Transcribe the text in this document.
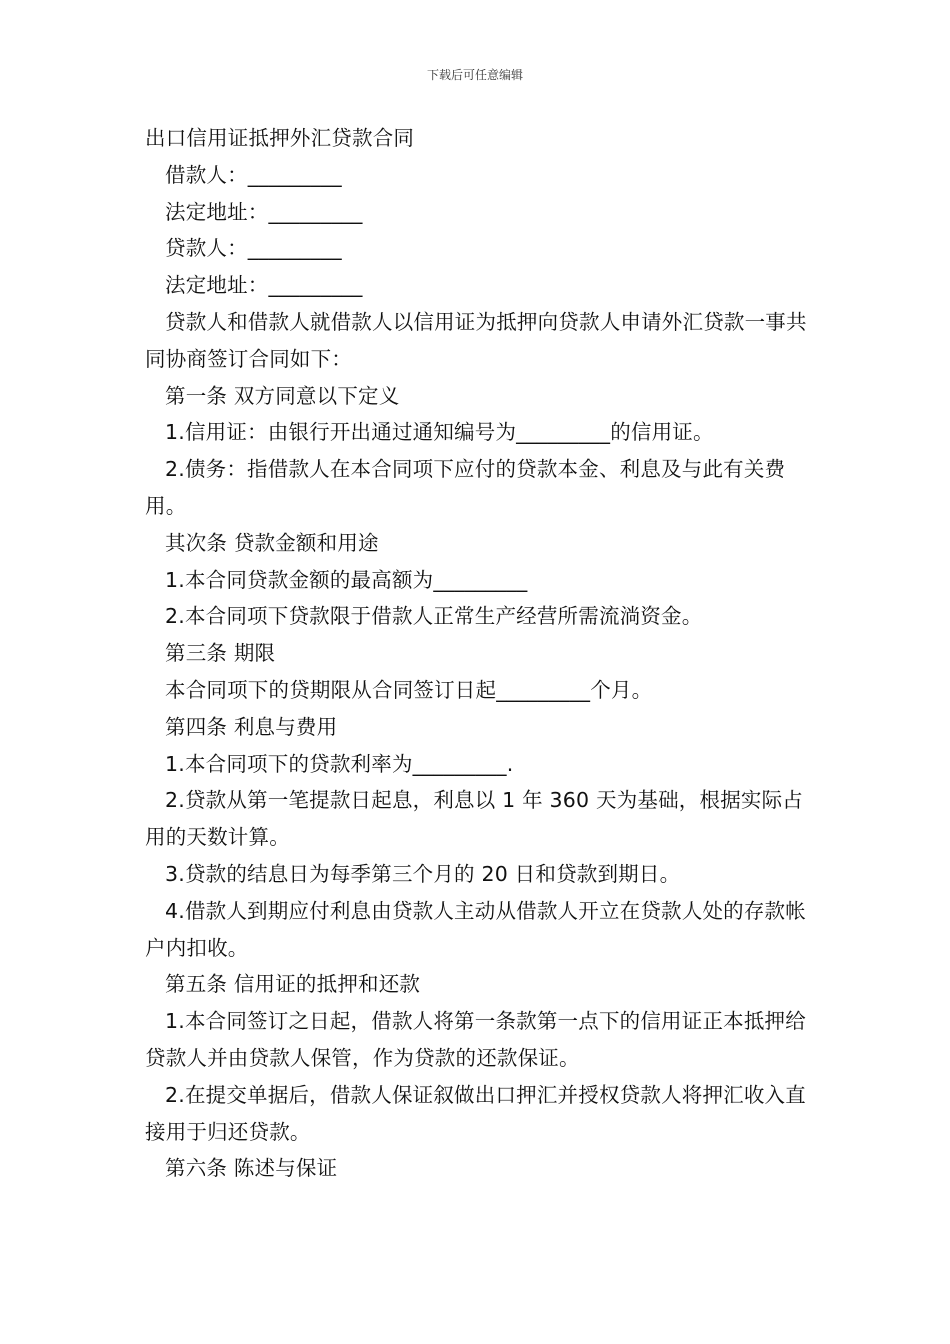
下载后可任意编辑

出口信用证抵押外汇贷款合同

借款人：_________

法定地址：_________

贷款人：_________

法定地址：_________

贷款人和借款人就借款人以信用证为抵押向贷款人申请外汇贷款一事共同协商签订合同如下：

第一条 双方同意以下定义

1.信用证：由银行开出通过通知编号为_________的信用证。

2.债务：指借款人在本合同项下应付的贷款本金、利息及与此有关费用。

其次条 贷款金额和用途

1.本合同贷款金额的最高额为_________

2.本合同项下贷款限于借款人正常生产经营所需流淌资金。

第三条 期限

本合同项下的贷期限从合同签订日起_________个月。

第四条 利息与费用

1.本合同项下的贷款利率为_________.

2.贷款从第一笔提款日起息，利息以 1 年 360 天为基础，根据实际占用的天数计算。

3.贷款的结息日为每季第三个月的 20 日和贷款到期日。

4.借款人到期应付利息由贷款人主动从借款人开立在贷款人处的存款帐户内扣收。

第五条 信用证的抵押和还款

1.本合同签订之日起，借款人将第一条款第一点下的信用证正本抵押给贷款人并由贷款人保管，作为贷款的还款保证。

2.在提交单据后，借款人保证叙做出口押汇并授权贷款人将押汇收入直接用于归还贷款。

第六条 陈述与保证
